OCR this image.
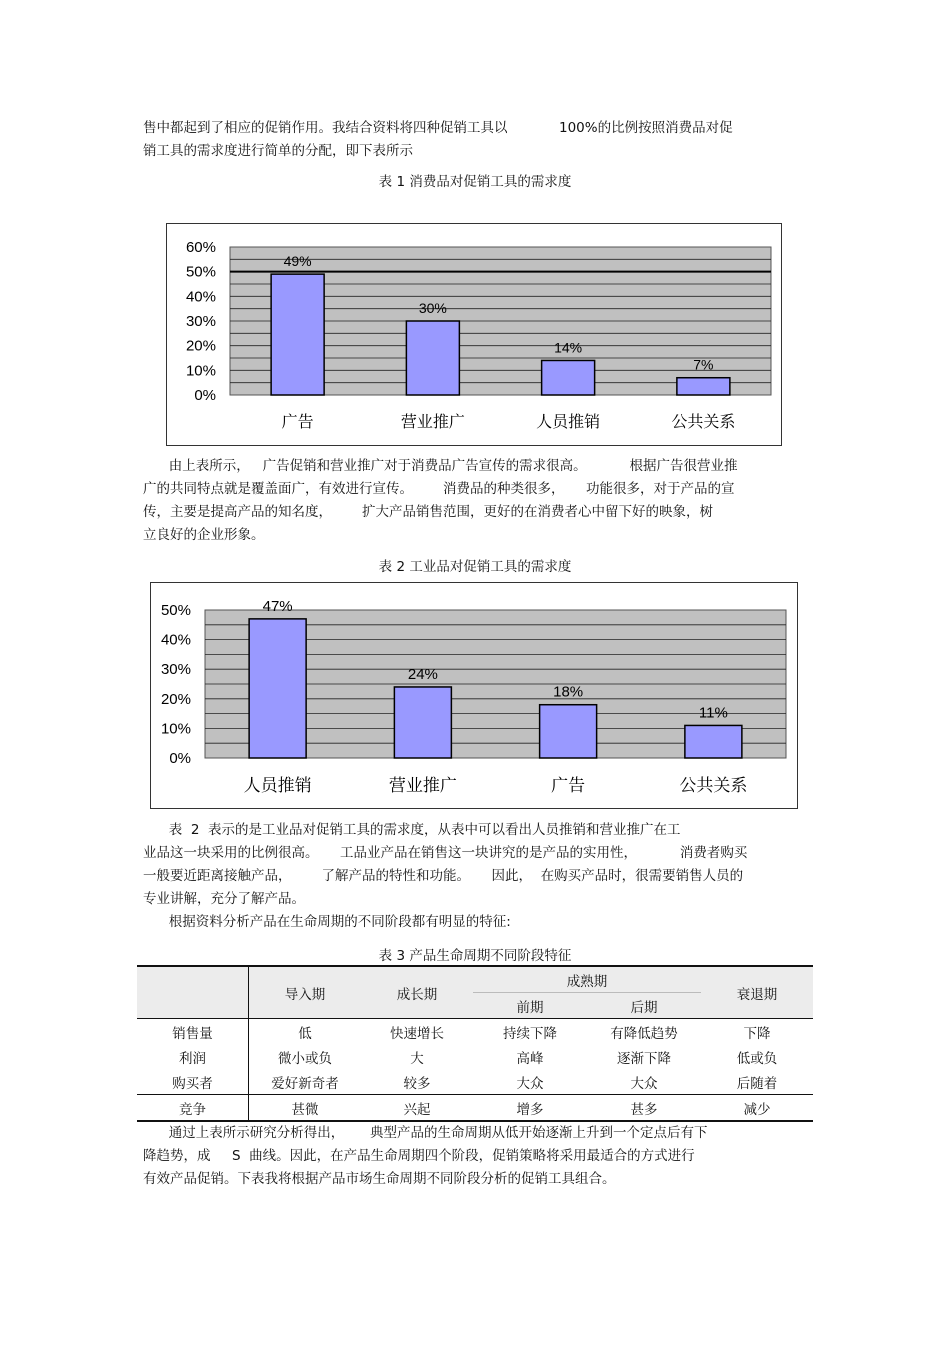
售中都起到了相应的促销作用。我结合资料将四种促销工具以            100%的比例按照消费品对促

销工具的需求度进行简单的分配，即下表所示

表 1 消费品对促销工具的需求度
0%
10%
20%
30%
40%
50%
60%
49%
广告
30%
营业推广
14%
人员推销
7%
公共关系

由上表所示，   广告促销和营业推广对于消费品广告宣传的需求很高。          根据广告很营业推

广的共同特点就是覆盖面广，有效进行宣传。       消费品的种类很多，     功能很多，对于产品的宣

传，主要是提高产品的知名度，       扩大产品销售范围，更好的在消费者心中留下好的映象，树

立良好的企业形象。

表 2 工业品对促销工具的需求度
0%
10%
20%
30%
40%
50%	47%
人员推销
24%
营业推广
18%
广告
11%
公共关系

表  2  表示的是工业品对促销工具的需求度，从表中可以看出人员推销和营业推广在工

业品这一块采用的比例很高。     工品业产品在销售这一块讲究的是产品的实用性，          消费者购买

一般要近距离接触产品，       了解产品的特性和功能。     因此，  在购买产品时，很需要销售人员的

专业讲解，充分了解产品。

根据资料分析产品在生命周期的不同阶段都有明显的特征:

表 3 产品生命周期不同阶段特征
	导入期	成长期	成熟期		衰退期
			前期	后期	
销售量	低	快速增长	持续下降	有降低趋势	下降
利润	微小或负	大	高峰	逐渐下降	低或负
购买者	爱好新奇者	较多	大众	大众	后随着
竞争	甚微	兴起	增多	甚多	减少

通过上表所示研究分析得出，      典型产品的生命周期从低开始逐渐上升到一个定点后有下

降趋势，成     S  曲线。因此，在产品生命周期四个阶段，促销策略将采用最适合的方式进行

有效产品促销。下表我将根据产品市场生命周期不同阶段分析的促销工具组合。
